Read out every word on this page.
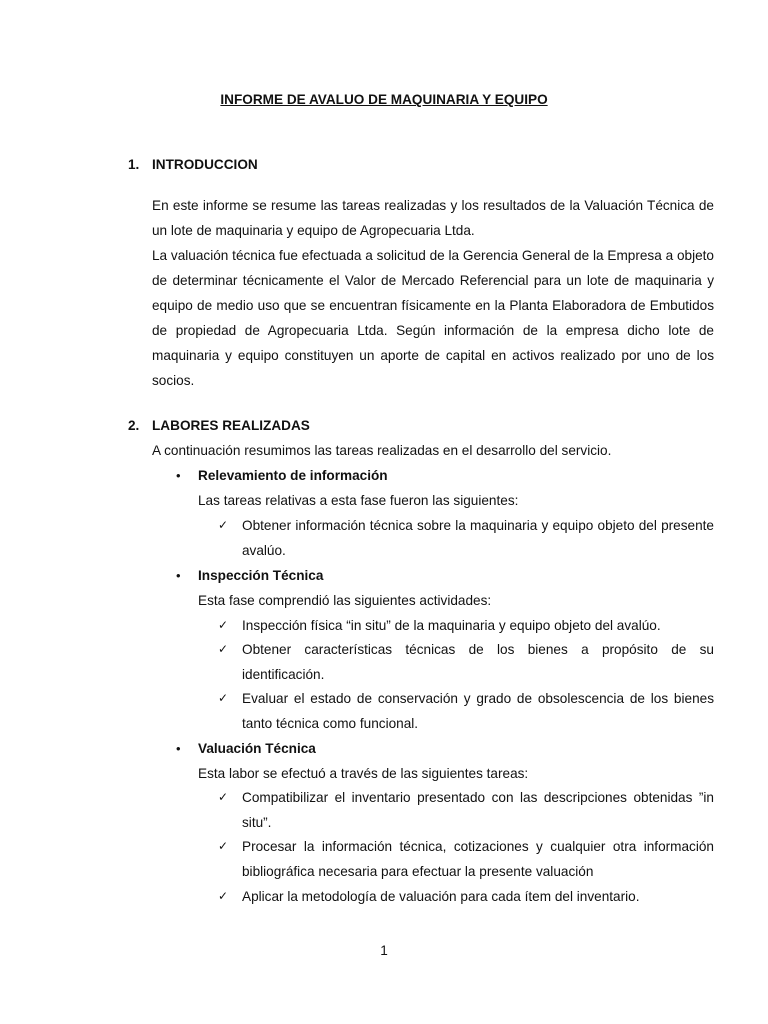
INFORME DE AVALUO DE MAQUINARIA Y EQUIPO
1. INTRODUCCION

En este informe se resume las tareas realizadas y los resultados de la Valuación Técnica de un lote de maquinaria y equipo de Agropecuaria Ltda.

La valuación técnica fue efectuada a solicitud de la Gerencia General de la Empresa a objeto de determinar técnicamente el Valor de Mercado Referencial para un lote de maquinaria y equipo de medio uso que se encuentran físicamente en la Planta Elaboradora de Embutidos de propiedad de Agropecuaria Ltda. Según información de la empresa dicho lote de maquinaria y equipo constituyen un aporte de capital en activos realizado por uno de los socios.

2. LABORES REALIZADAS
A continuación resumimos las tareas realizadas en el desarrollo del servicio.
• Relevamiento de información
Las tareas relativas a esta fase fueron las siguientes:
✓ Obtener información técnica sobre la maquinaria y equipo objeto del presente avalúo.
• Inspección Técnica
Esta fase comprendió las siguientes actividades:
✓ Inspección física “in situ” de la maquinaria y equipo objeto del avalúo.
✓ Obtener características técnicas de los bienes a propósito de su identificación.
✓ Evaluar el estado de conservación y grado de obsolescencia de los bienes tanto técnica como funcional.
• Valuación Técnica
Esta labor se efectuó a través de las siguientes tareas:
✓ Compatibilizar el inventario presentado con las descripciones obtenidas ”in situ”.
✓ Procesar la información técnica, cotizaciones y cualquier otra información bibliográfica necesaria para efectuar la presente valuación
✓ Aplicar la metodología de valuación para cada ítem del inventario.
1
